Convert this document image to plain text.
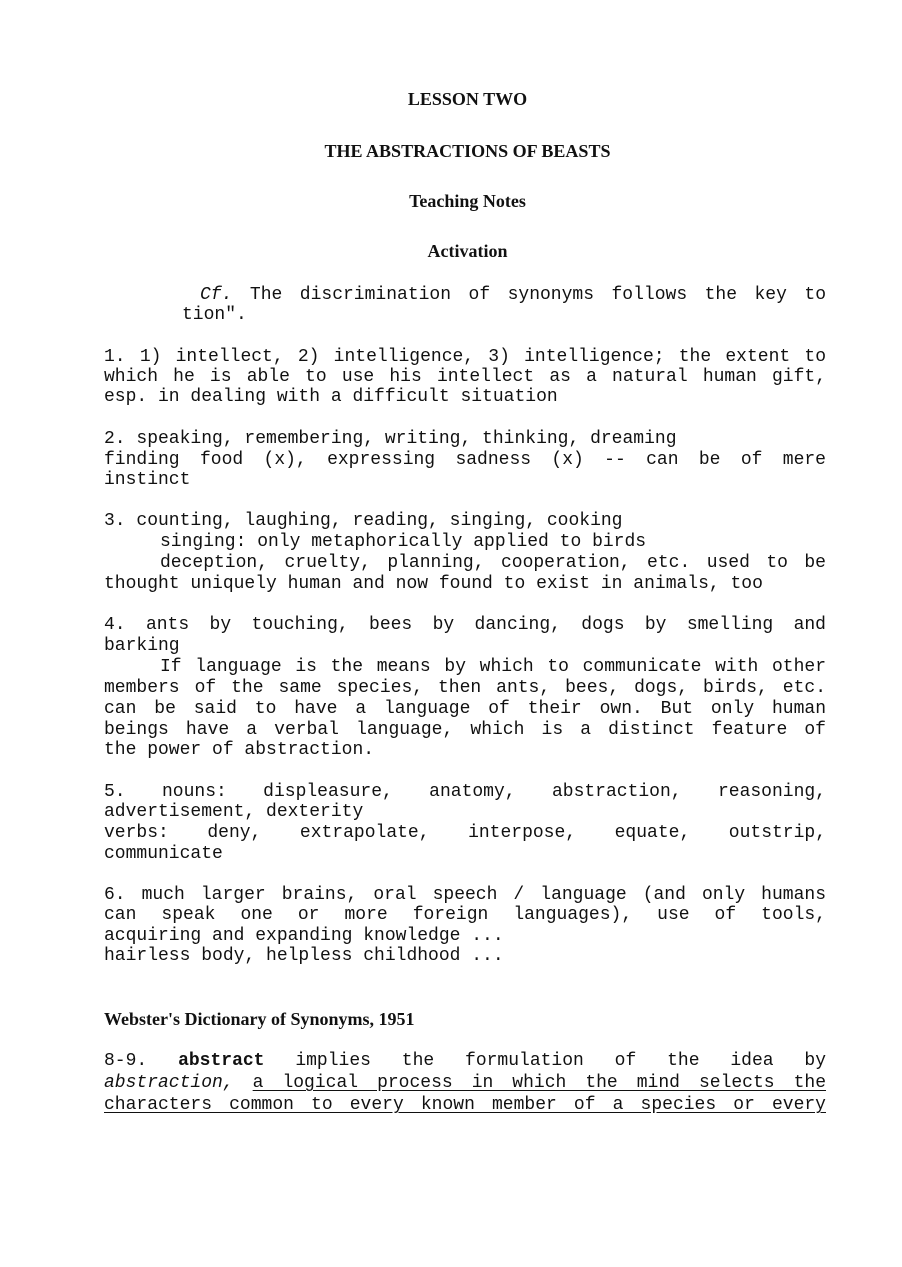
LESSON TWO
THE ABSTRACTIONS OF BEASTS
Teaching Notes
Activation
Cf. The discrimination of synonyms follows the key to
tion".
1. 1) intellect, 2) intelligence, 3) intelligence; the extent to
which he is able to use his intellect as a natural human gift,
esp. in dealing with a difficult situation
2. speaking, remembering, writing, thinking, dreaming
finding food (x), expressing sadness (x) -- can be of mere
instinct
3. counting, laughing, reading, singing, cooking
singing: only metaphorically applied to birds
deception, cruelty, planning, cooperation, etc. used to be
thought uniquely human and now found to exist in animals, too
4. ants by touching, bees by dancing, dogs by smelling and
barking
If language is the means by which to communicate with other
members of the same species, then ants, bees, dogs, birds, etc.
can be said to have a language of their own. But only human
beings have a verbal language, which is a distinct feature of
the power of abstraction.
5. nouns: displeasure, anatomy, abstraction, reasoning,
advertisement, dexterity
verbs: deny, extrapolate, interpose, equate, outstrip,
communicate
6. much larger brains, oral speech / language (and only humans
can speak one or more foreign languages), use of tools,
acquiring and expanding knowledge ...
hairless body, helpless childhood ...
Webster's Dictionary of Synonyms, 1951
8-9. abstract implies the formulation of the idea by
abstraction, a logical process in which the mind selects the
characters common to every known member of a species or every
